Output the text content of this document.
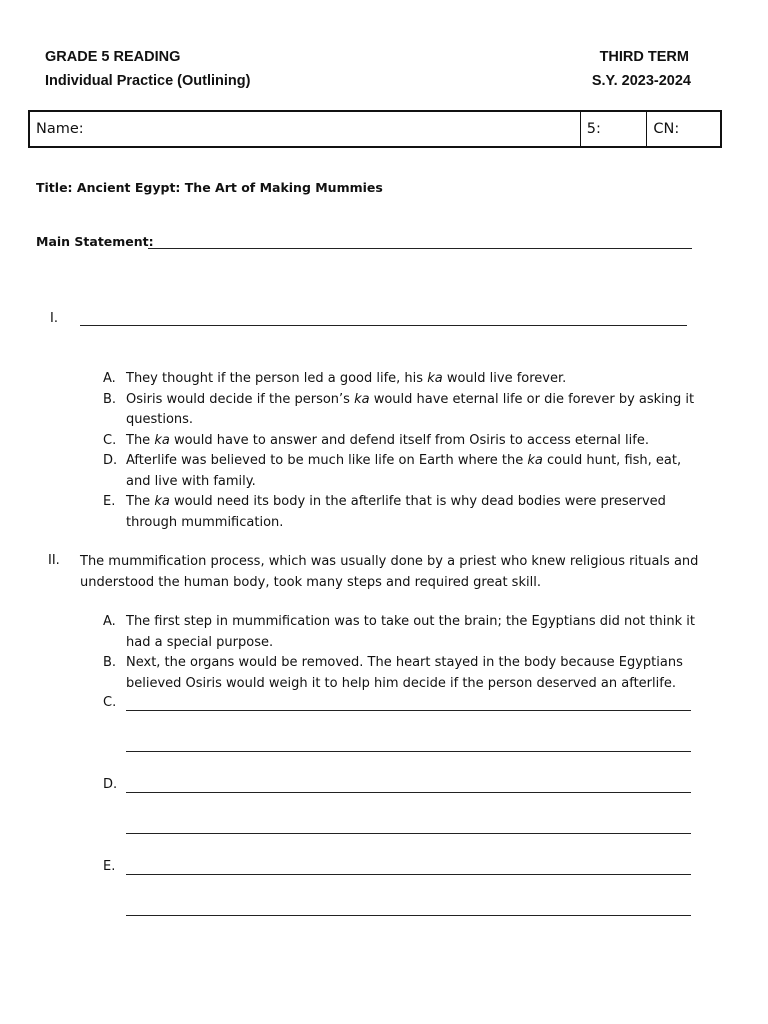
GRADE 5 READING
Individual Practice (Outlining)
THIRD TERM
S.Y. 2023-2024
Name:	5:	CN:
Title: Ancient Egypt: The Art of Making Mummies
Main Statement:
I.
A. They thought if the person led a good life, his ka would live forever.
B. Osiris would decide if the person’s ka would have eternal life or die forever by asking it questions.
C. The ka would have to answer and defend itself from Osiris to access eternal life.
D. Afterlife was believed to be much like life on Earth where the ka could hunt, fish, eat, and live with family.
E. The ka would need its body in the afterlife that is why dead bodies were preserved through mummification.
II. The mummification process, which was usually done by a priest who knew religious rituals and understood the human body, took many steps and required great skill.
A. The first step in mummification was to take out the brain; the Egyptians did not think it had a special purpose.
B. Next, the organs would be removed. The heart stayed in the body because Egyptians believed Osiris would weigh it to help him decide if the person deserved an afterlife.
C.
D.
E.
